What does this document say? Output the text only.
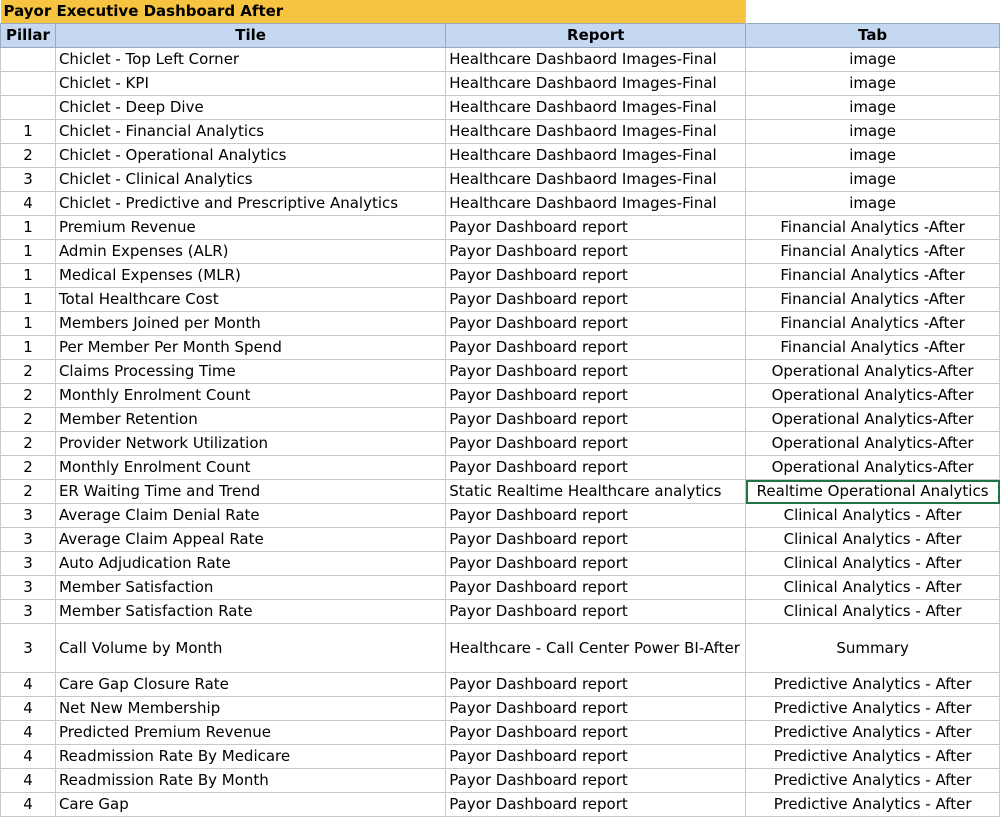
Payor Executive Dashboard After			
Pillar	Tile	Report	Tab
	Chiclet - Top Left Corner	Healthcare Dashbaord Images-Final	image
	Chiclet - KPI	Healthcare Dashbaord Images-Final	image
	Chiclet - Deep Dive	Healthcare Dashbaord Images-Final	image
1	Chiclet - Financial Analytics	Healthcare Dashbaord Images-Final	image
2	Chiclet - Operational Analytics	Healthcare Dashbaord Images-Final	image
3	Chiclet - Clinical Analytics	Healthcare Dashbaord Images-Final	image
4	Chiclet - Predictive and Prescriptive Analytics	Healthcare Dashbaord Images-Final	image
1	Premium Revenue	Payor Dashboard report	Financial Analytics -After
1	Admin Expenses (ALR)	Payor Dashboard report	Financial Analytics -After
1	Medical Expenses (MLR)	Payor Dashboard report	Financial Analytics -After
1	Total Healthcare Cost	Payor Dashboard report	Financial Analytics -After
1	Members Joined per Month	Payor Dashboard report	Financial Analytics -After
1	Per Member Per Month Spend	Payor Dashboard report	Financial Analytics -After
2	Claims Processing Time	Payor Dashboard report	Operational Analytics-After
2	Monthly Enrolment Count	Payor Dashboard report	Operational Analytics-After
2	Member Retention	Payor Dashboard report	Operational Analytics-After
2	Provider Network Utilization	Payor Dashboard report	Operational Analytics-After
2	Monthly Enrolment Count	Payor Dashboard report	Operational Analytics-After
2	ER Waiting Time and Trend	Static Realtime Healthcare analytics	Realtime Operational Analytics
3	Average Claim Denial Rate	Payor Dashboard report	Clinical Analytics - After
3	Average Claim Appeal Rate	Payor Dashboard report	Clinical Analytics - After
3	Auto Adjudication Rate	Payor Dashboard report	Clinical Analytics - After
3	Member Satisfaction	Payor Dashboard report	Clinical Analytics - After
3	Member Satisfaction Rate	Payor Dashboard report	Clinical Analytics - After
3	Call Volume by Month	Healthcare - Call Center Power BI-After	Summary
4	Care Gap Closure Rate	Payor Dashboard report	Predictive Analytics - After
4	Net New Membership	Payor Dashboard report	Predictive Analytics - After
4	Predicted Premium Revenue	Payor Dashboard report	Predictive Analytics - After
4	Readmission Rate By Medicare	Payor Dashboard report	Predictive Analytics - After
4	Readmission Rate By Month	Payor Dashboard report	Predictive Analytics - After
4	Care Gap	Payor Dashboard report	Predictive Analytics - After
